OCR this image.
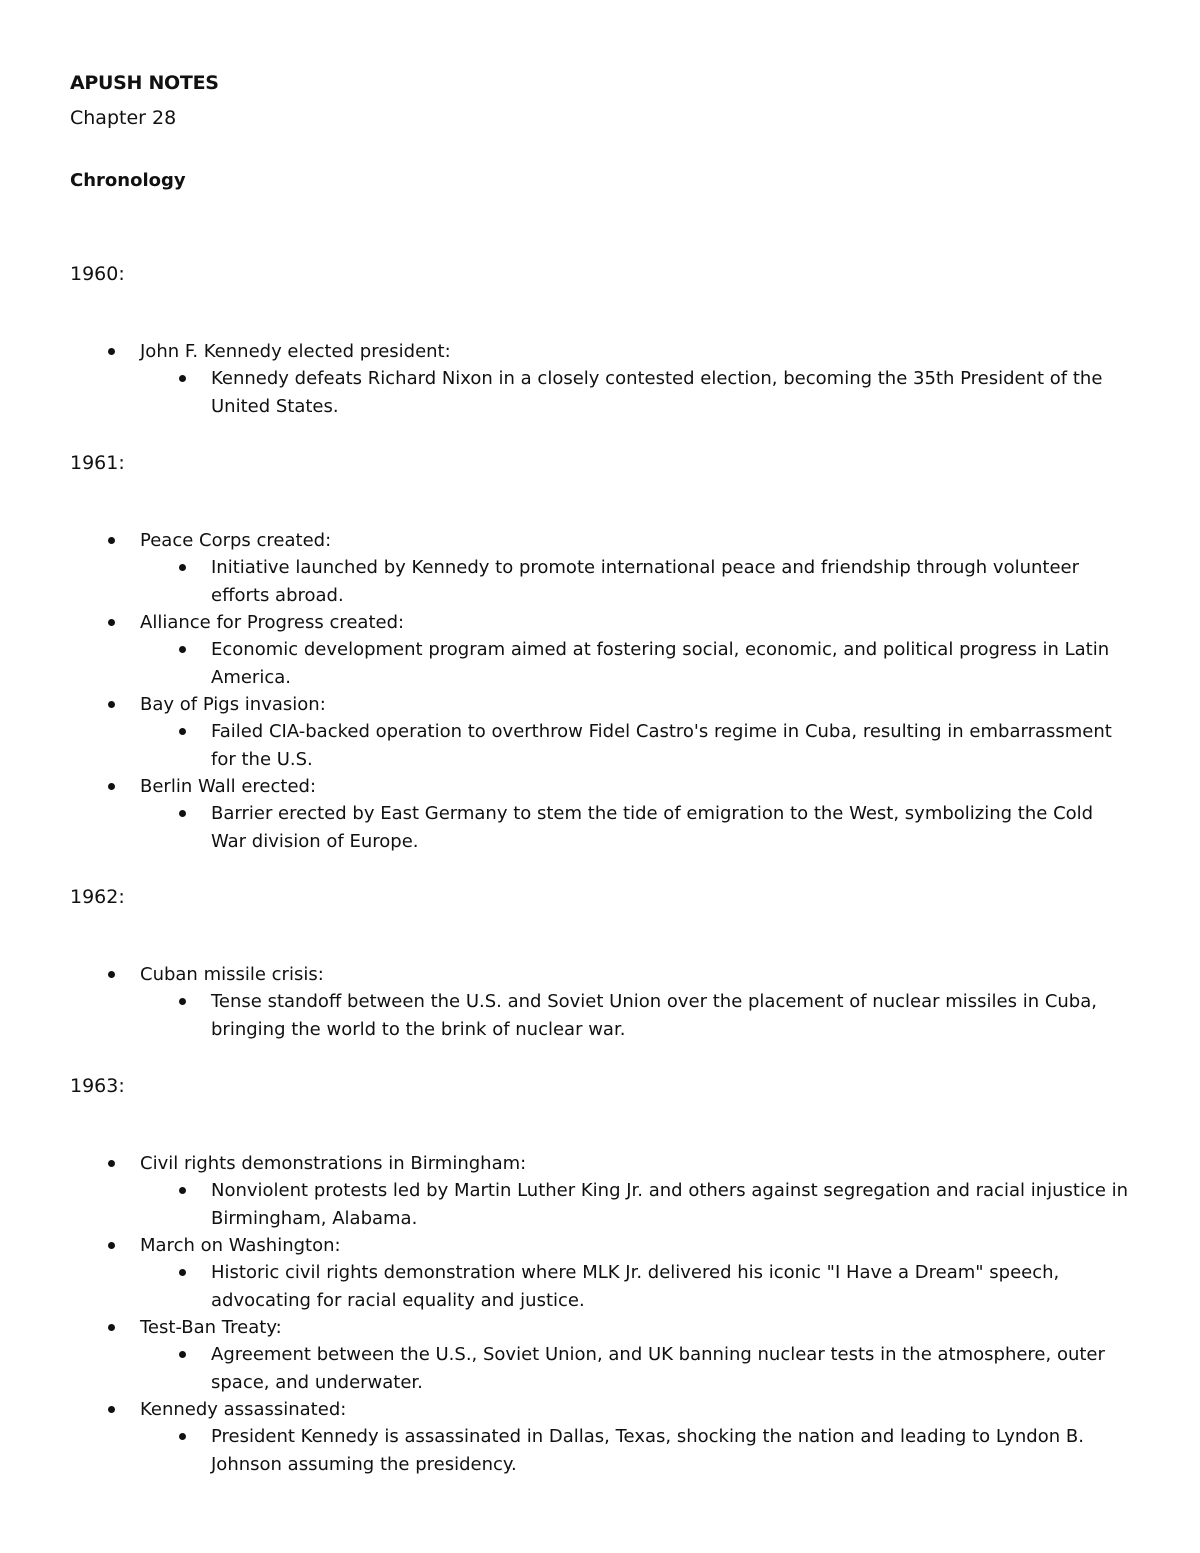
APUSH NOTES
Chapter 28
Chronology
1960:
John F. Kennedy elected president:
Kennedy defeats Richard Nixon in a closely contested election, becoming the 35th President of the United States.
1961:
Peace Corps created:
Initiative launched by Kennedy to promote international peace and friendship through volunteer efforts abroad.
Alliance for Progress created:
Economic development program aimed at fostering social, economic, and political progress in Latin America.
Bay of Pigs invasion:
Failed CIA-backed operation to overthrow Fidel Castro's regime in Cuba, resulting in embarrassment for the U.S.
Berlin Wall erected:
Barrier erected by East Germany to stem the tide of emigration to the West, symbolizing the Cold War division of Europe.
1962:
Cuban missile crisis:
Tense standoff between the U.S. and Soviet Union over the placement of nuclear missiles in Cuba, bringing the world to the brink of nuclear war.
1963:
Civil rights demonstrations in Birmingham:
Nonviolent protests led by Martin Luther King Jr. and others against segregation and racial injustice in Birmingham, Alabama.
March on Washington:
Historic civil rights demonstration where MLK Jr. delivered his iconic "I Have a Dream" speech, advocating for racial equality and justice.
Test-Ban Treaty:
Agreement between the U.S., Soviet Union, and UK banning nuclear tests in the atmosphere, outer space, and underwater.
Kennedy assassinated:
President Kennedy is assassinated in Dallas, Texas, shocking the nation and leading to Lyndon B. Johnson assuming the presidency.
